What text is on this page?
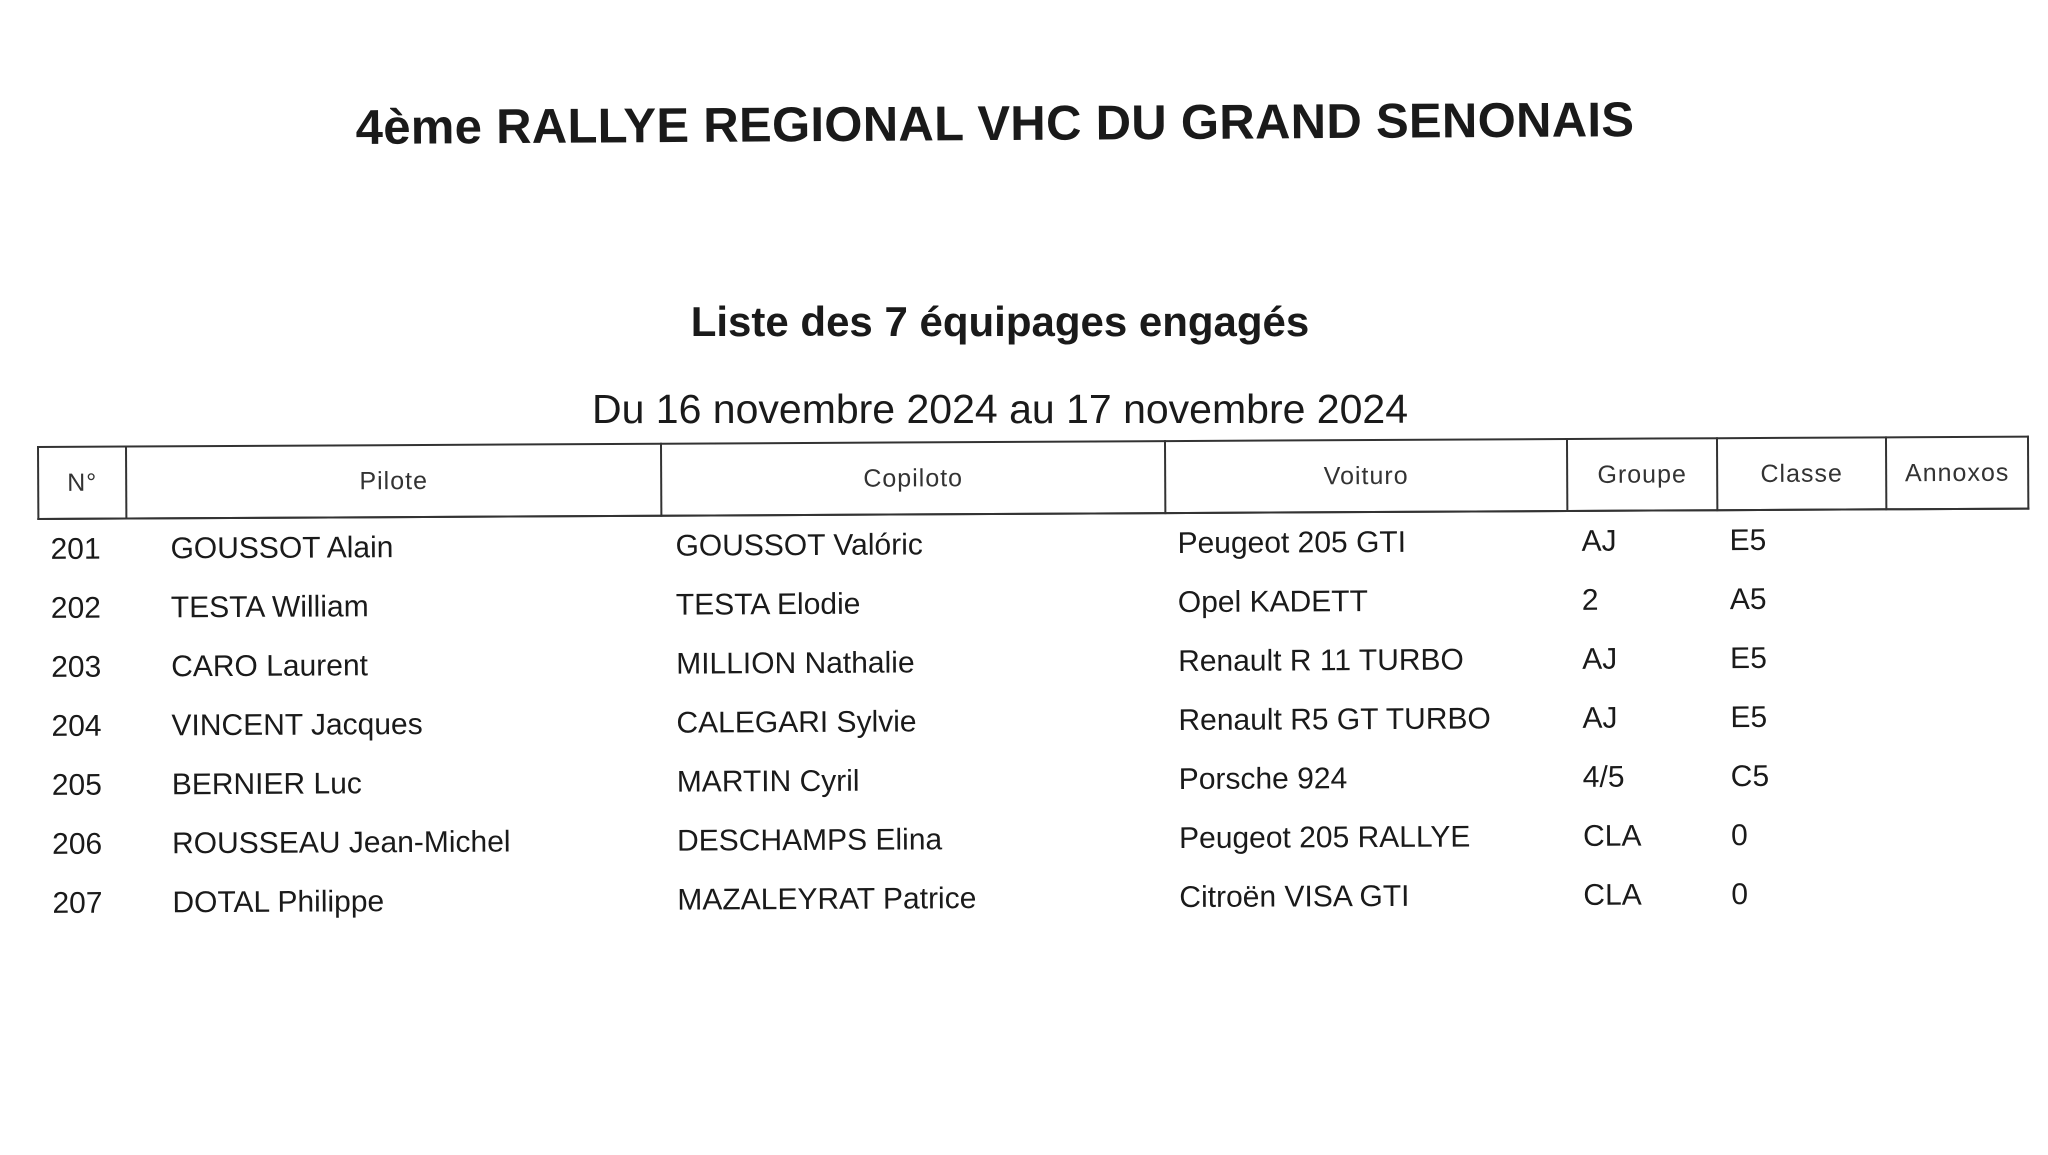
4ème RALLYE REGIONAL VHC DU GRAND SENONAIS
Liste des 7 équipages engagés
Du 16 novembre 2024 au 17 novembre 2024
N°	Pilote	Copiloto	Voituro	Groupe	Classe	Annoxos
201	GOUSSOT Alain	GOUSSOT Valóric	Peugeot 205 GTI	AJ	E5	
202	TESTA William	TESTA Elodie	Opel KADETT	2	A5	
203	CARO Laurent	MILLION Nathalie	Renault R 11 TURBO	AJ	E5	
204	VINCENT Jacques	CALEGARI Sylvie	Renault R5 GT TURBO	AJ	E5	
205	BERNIER Luc	MARTIN Cyril	Porsche 924	4/5	C5	
206	ROUSSEAU Jean-Michel	DESCHAMPS Elina	Peugeot 205 RALLYE	CLA	0	
207	DOTAL Philippe	MAZALEYRAT Patrice	Citroën VISA GTI	CLA	0	
